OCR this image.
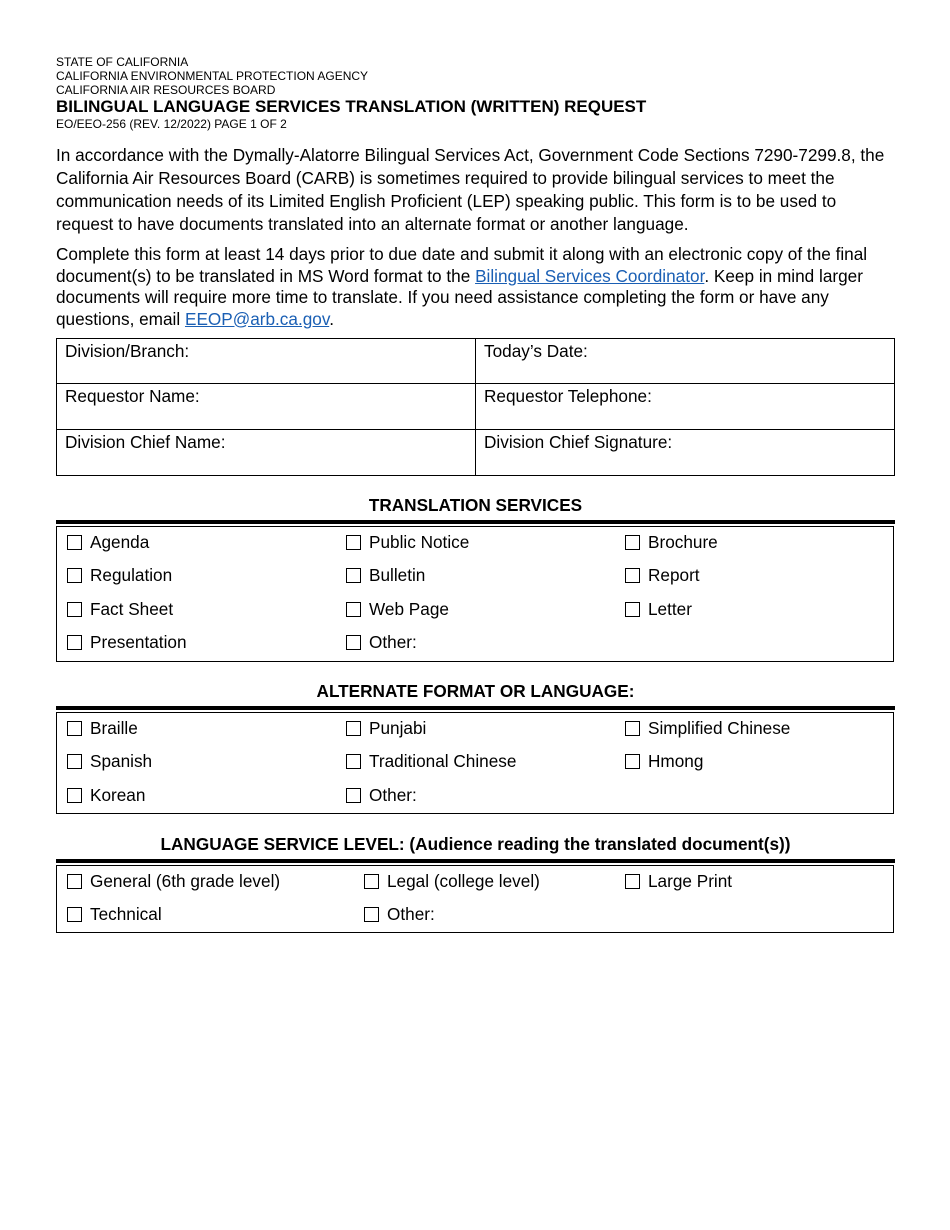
STATE OF CALIFORNIA
CALIFORNIA ENVIRONMENTAL PROTECTION AGENCY
CALIFORNIA AIR RESOURCES BOARD
BILINGUAL LANGUAGE SERVICES TRANSLATION (WRITTEN) REQUEST
EO/EEO-256 (REV. 12/2022) PAGE 1 OF 2

In accordance with the Dymally-Alatorre Bilingual Services Act, Government Code Sections 7290-7299.8, the California Air Resources Board (CARB) is sometimes required to provide bilingual services to meet the communication needs of its Limited English Proficient (LEP) speaking public. This form is to be used to request to have documents translated into an alternate format or another language.

Complete this form at least 14 days prior to due date and submit it along with an electronic copy of the final document(s) to be translated in MS Word format to the Bilingual Services Coordinator. Keep in mind larger documents will require more time to translate. If you need assistance completing the form or have any questions, email EEOP@arb.ca.gov.

Division/Branch:	Today’s Date:
Requestor Name:	Requestor Telephone:
Division Chief Name:	Division Chief Signature:
TRANSLATION SERVICES
Agenda	Public Notice	Brochure
Regulation	Bulletin	Report
Fact Sheet	Web Page	Letter
Presentation	Other:
ALTERNATE FORMAT OR LANGUAGE:
Braille	Punjabi	Simplified Chinese
Spanish	Traditional Chinese	Hmong
Korean	Other:
LANGUAGE SERVICE LEVEL: (Audience reading the translated document(s))
General (6th grade level)	Legal (college level)	Large Print
Technical	Other:
